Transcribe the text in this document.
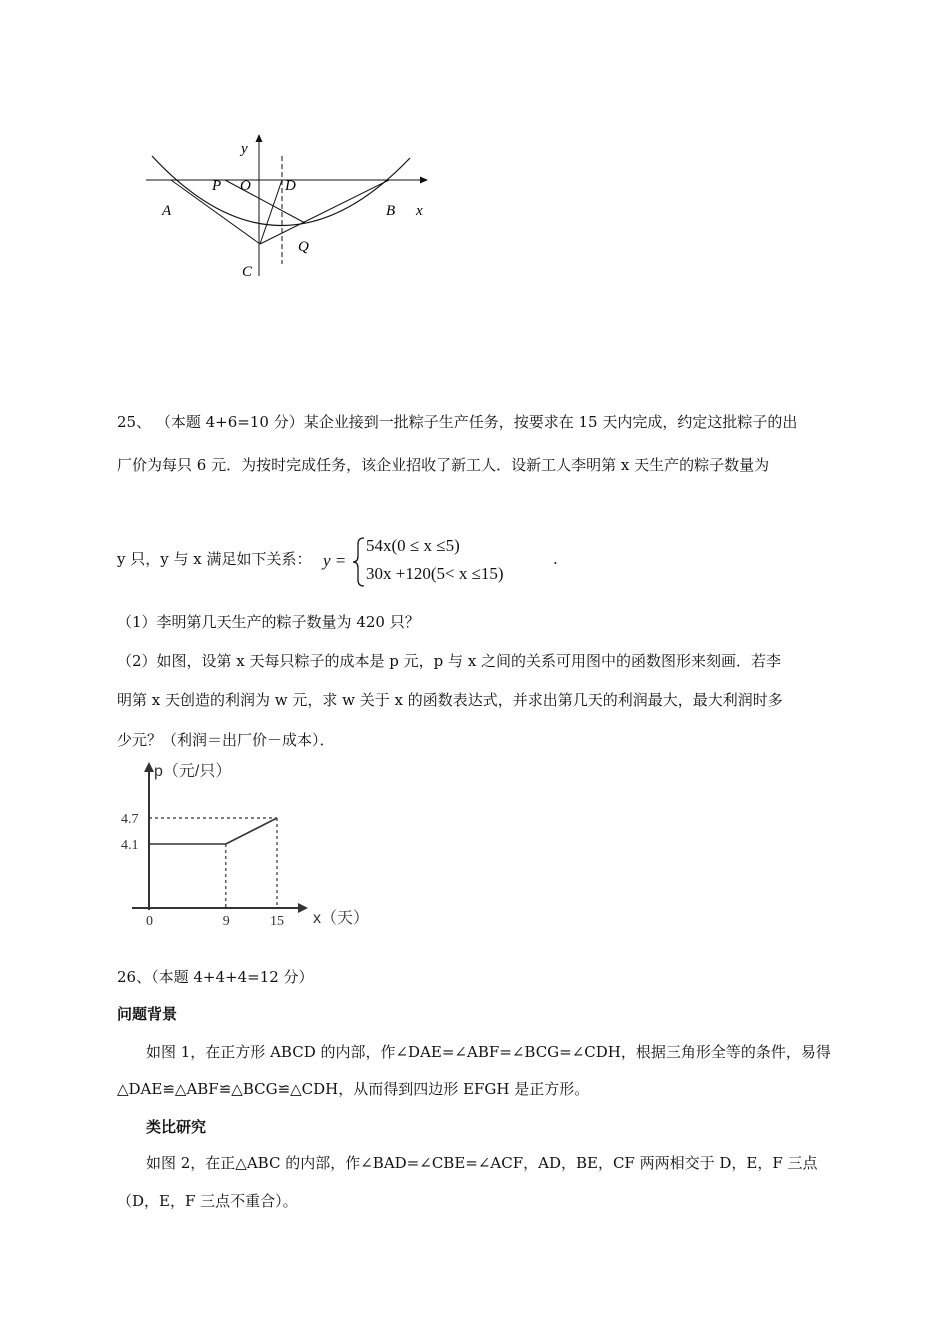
y
P O D
A	B x
Q
C
25、 （本题 4+6=10 分）某企业接到一批粽子生产任务，按要求在 15 天内完成，约定这批粽子的出
厂价为每只 6 元．为按时完成任务，该企业招收了新工人．设新工人李明第 x 天生产的粽子数量为
y 只，y 与 x 满足如下关系： y =
54x(0 ≤ x ≤5)
30x +120(5< x ≤15)
.
（1）李明第几天生产的粽子数量为 420 只？
（2）如图，设第 x 天每只粽子的成本是 p 元，p 与 x 之间的关系可用图中的函数图形来刻画．若李
明第 x 天创造的利润为 w 元，求 w 关于 x 的函数表达式，并求出第几天的利润最大，最大利润时多
少元？（利润＝出厂价－成本）．
p（元/只）
x（天）
0	9	15
4.7
4.1
26、（本题 4+4+4=12 分）
问题背景
如图 1，在正方形 ABCD 的内部，作∠DAE=∠ABF=∠BCG=∠CDH，根据三角形全等的条件，易得
△DAE≌△ABF≌△BCG≌△CDH，从而得到四边形 EFGH 是正方形。
类比研究
如图 2，在正△ABC 的内部，作∠BAD=∠CBE=∠ACF，AD，BE，CF 两两相交于 D，E，F 三点
（D，E，F 三点不重合）。
